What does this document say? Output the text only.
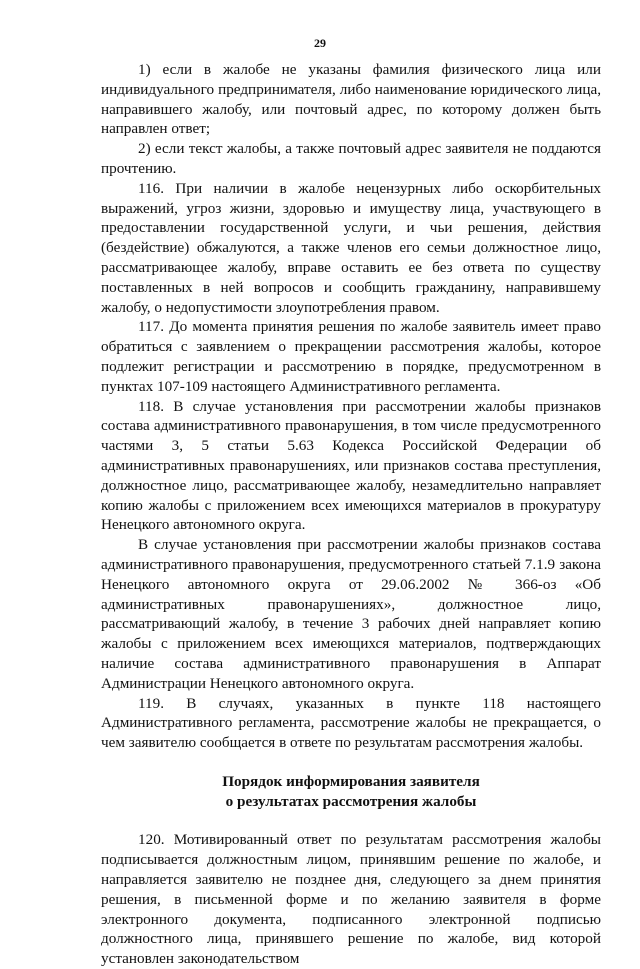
29

1) если в жалобе не указаны фамилия физического лица или индивидуального предпринимателя, либо наименование юридического лица, направившего жалобу, или почтовый адрес, по которому должен быть направлен ответ;

2) если текст жалобы, а также почтовый адрес заявителя не поддаются прочтению.

116. При наличии в жалобе нецензурных либо оскорбительных выражений, угроз жизни, здоровью и имуществу лица, участвующего в предоставлении государственной услуги, и чьи решения, действия (бездействие) обжалуются, а также членов его семьи должностное лицо, рассматривающее жалобу, вправе оставить ее без ответа по существу поставленных в ней вопросов и сообщить гражданину, направившему жалобу, о недопустимости злоупотребления правом.

117. До момента принятия решения по жалобе заявитель имеет право обратиться с заявлением о прекращении рассмотрения жалобы, которое подлежит регистрации и рассмотрению в порядке, предусмотренном в пунктах 107-109 настоящего Административного регламента.

118. В случае установления при рассмотрении жалобы признаков состава административного правонарушения, в том числе предусмотренного частями 3, 5 статьи 5.63 Кодекса Российской Федерации об административных правонарушениях, или признаков состава преступления, должностное лицо, рассматривающее жалобу, незамедлительно направляет копию жалобы с приложением всех имеющихся материалов в прокуратуру Ненецкого автономного округа.

В случае установления при рассмотрении жалобы признаков состава административного правонарушения, предусмотренного статьей 7.1.9 закона Ненецкого автономного округа от 29.06.2002 № 366-оз «Об административных правонарушениях», должностное лицо, рассматривающий жалобу, в течение 3 рабочих дней направляет копию жалобы с приложением всех имеющихся материалов, подтверждающих наличие состава административного правонарушения в Аппарат Администрации Ненецкого автономного округа.

119. В случаях, указанных в пункте 118 настоящего Административного регламента, рассмотрение жалобы не прекращается, о чем заявителю сообщается в ответе по результатам рассмотрения жалобы.

Порядок информирования заявителя
о результатах рассмотрения жалобы

120. Мотивированный ответ по результатам рассмотрения жалобы подписывается должностным лицом, принявшим решение по жалобе, и направляется заявителю не позднее дня, следующего за днем принятия решения, в письменной форме и по желанию заявителя в форме электронного документа, подписанного электронной подписью должностного лица, принявшего решение по жалобе, вид которой установлен законодательством
